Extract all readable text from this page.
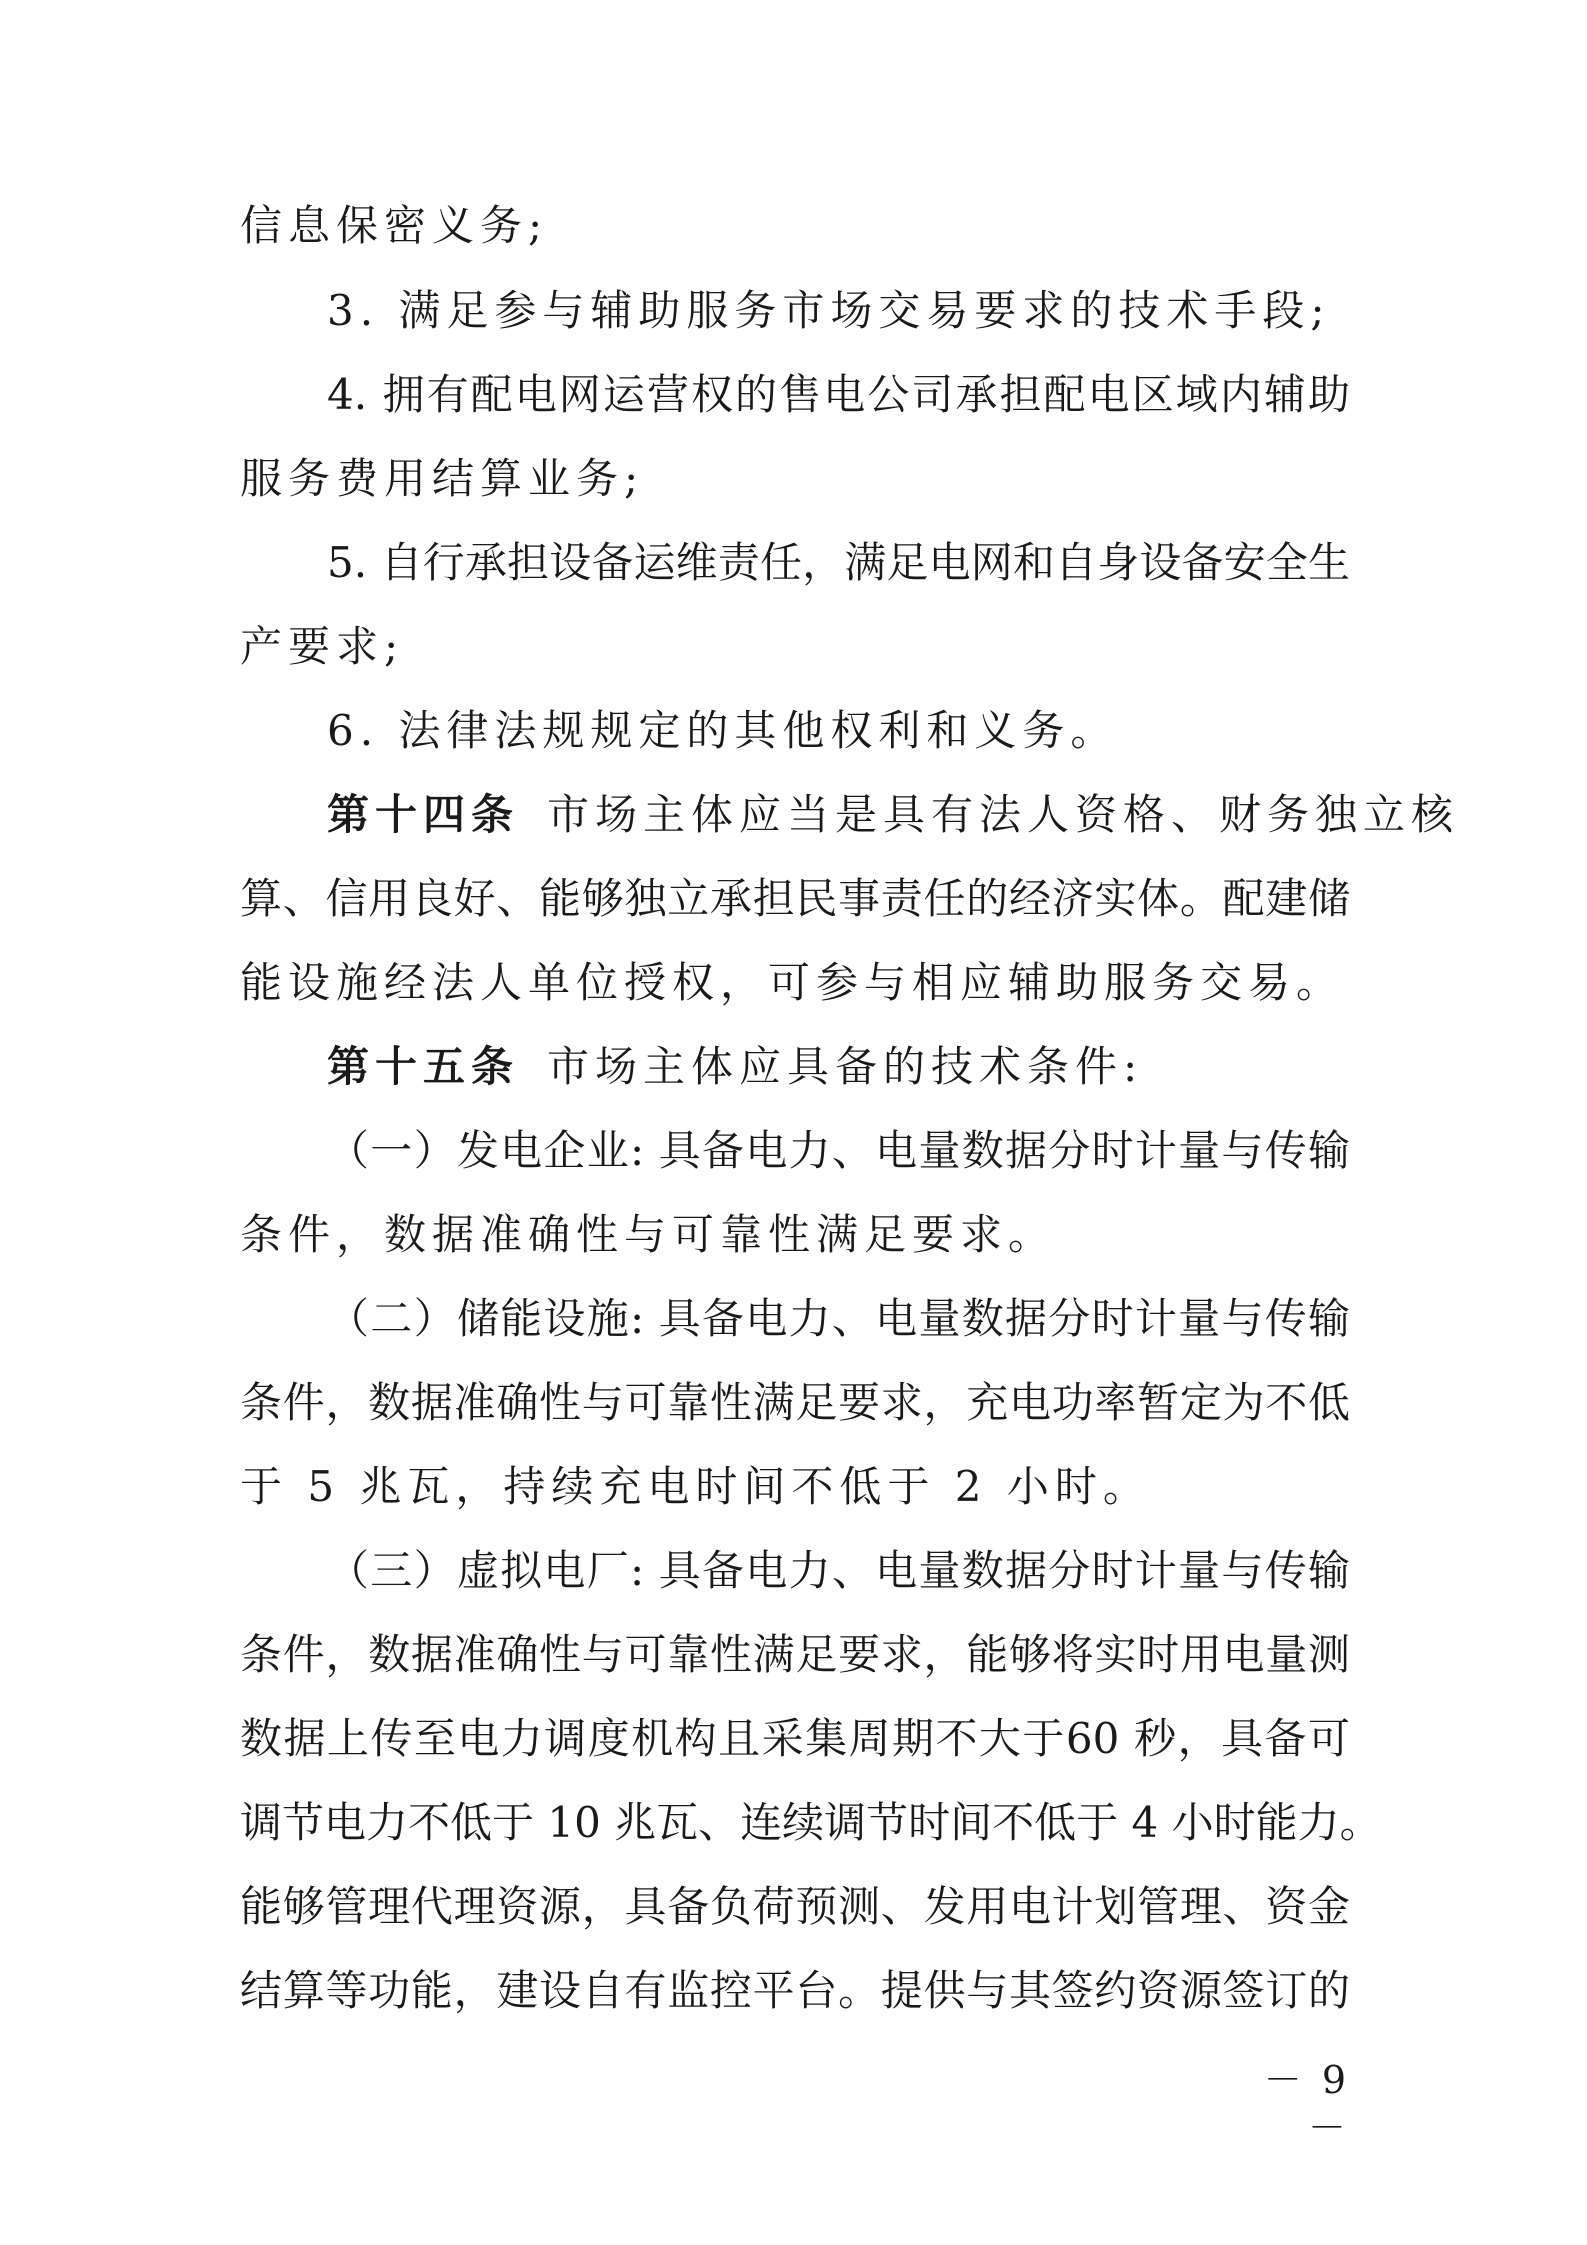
信息保密义务;
3. 满足参与辅助服务市场交易要求的技术手段;
4. 拥有配电网运营权的售电公司承担配电区域内辅助
服务费用结算业务;
5. 自行承担设备运维责任，满足电网和自身设备安全生
产要求;
6. 法律法规规定的其他权利和义务。
第十四条 市场主体应当是具有法人资格、财务独立核
算、信用良好、能够独立承担民事责任的经济实体。配建储
能设施经法人单位授权，可参与相应辅助服务交易。
第十五条 市场主体应具备的技术条件:
（一）发电企业: 具备电力、电量数据分时计量与传输
条件，数据准确性与可靠性满足要求。
（二）储能设施: 具备电力、电量数据分时计量与传输
条件，数据准确性与可靠性满足要求，充电功率暂定为不低
于 5 兆瓦，持续充电时间不低于 2 小时。
（三）虚拟电厂: 具备电力、电量数据分时计量与传输
条件，数据准确性与可靠性满足要求，能够将实时用电量测
数据上传至电力调度机构且采集周期不大于60 秒，具备可
调节电力不低于 10 兆瓦、连续调节时间不低于 4 小时能力。
能够管理代理资源，具备负荷预测、发用电计划管理、资金
结算等功能，建设自有监控平台。提供与其签约资源签订的
－ 9 －
